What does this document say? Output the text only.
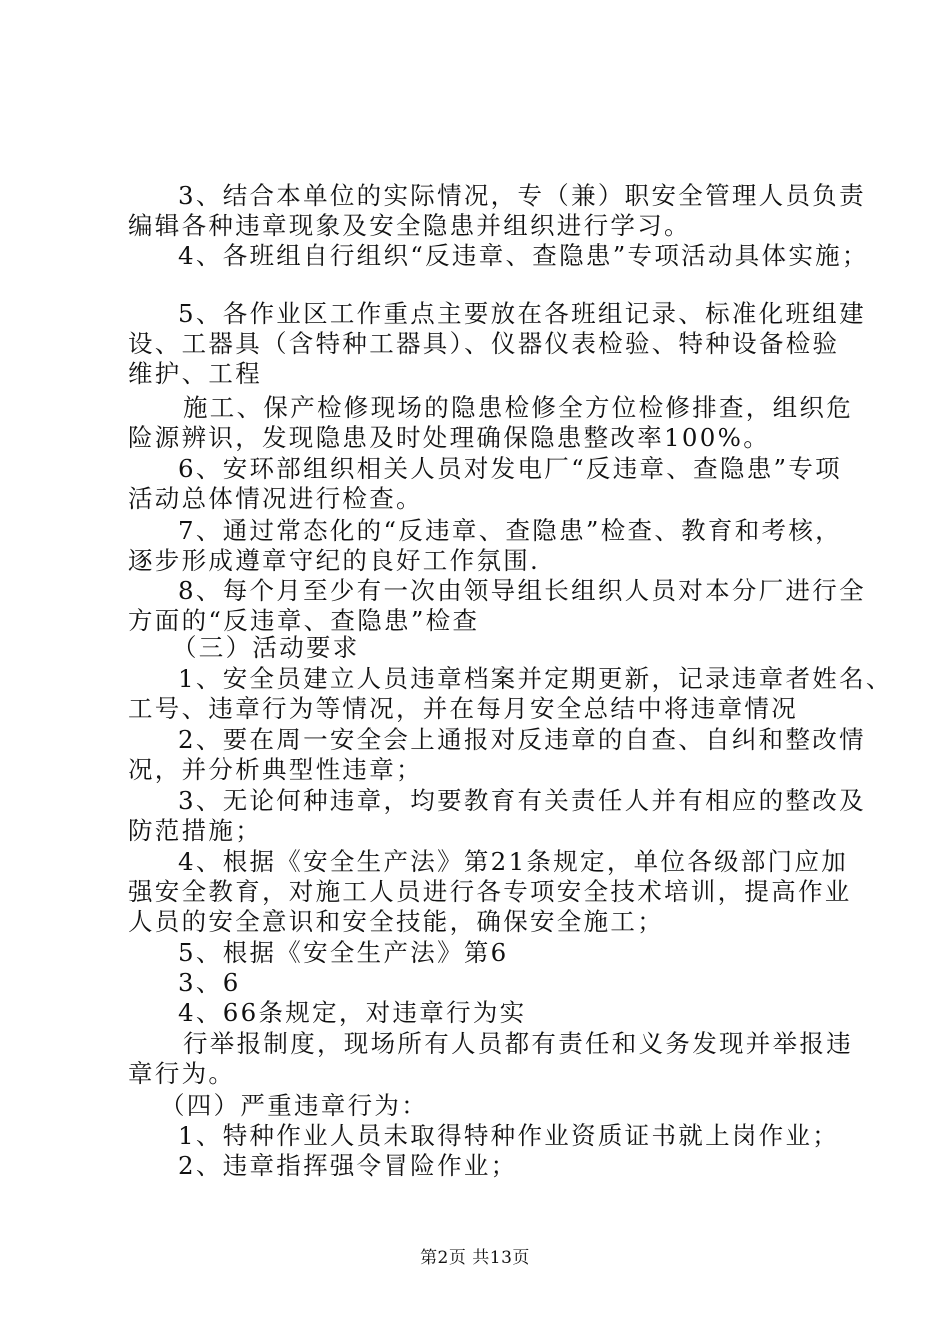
3、结合本单位的实际情况，专（兼）职安全管理人员负责
编辑各种违章现象及安全隐患并组织进行学习。
4、各班组自行组织“反违章、查隐患”专项活动具体实施；
5、各作业区工作重点主要放在各班组记录、标准化班组建
设、工器具（含特种工器具）、仪器仪表检验、特种设备检验
维护、工程
施工、保产检修现场的隐患检修全方位检修排查，组织危
险源辨识，发现隐患及时处理确保隐患整改率100%。
6、安环部组织相关人员对发电厂“反违章、查隐患”专项
活动总体情况进行检查。
7、通过常态化的“反违章、查隐患”检查、教育和考核，
逐步形成遵章守纪的良好工作氛围.
8、每个月至少有一次由领导组长组织人员对本分厂进行全
方面的“反违章、查隐患”检查
（三）活动要求
1、安全员建立人员违章档案并定期更新，记录违章者姓名、
工号、违章行为等情况，并在每月安全总结中将违章情况
2、要在周一安全会上通报对反违章的自查、自纠和整改情
况，并分析典型性违章；
3、无论何种违章，均要教育有关责任人并有相应的整改及
防范措施；
4、根据《安全生产法》第21条规定，单位各级部门应加
强安全教育，对施工人员进行各专项安全技术培训，提高作业
人员的安全意识和安全技能，确保安全施工；
5、根据《安全生产法》第6
3、6
4、66条规定，对违章行为实
行举报制度，现场所有人员都有责任和义务发现并举报违
章行为。
（四）严重违章行为：
1、特种作业人员未取得特种作业资质证书就上岗作业；
2、违章指挥强令冒险作业；
第2页 共13页
